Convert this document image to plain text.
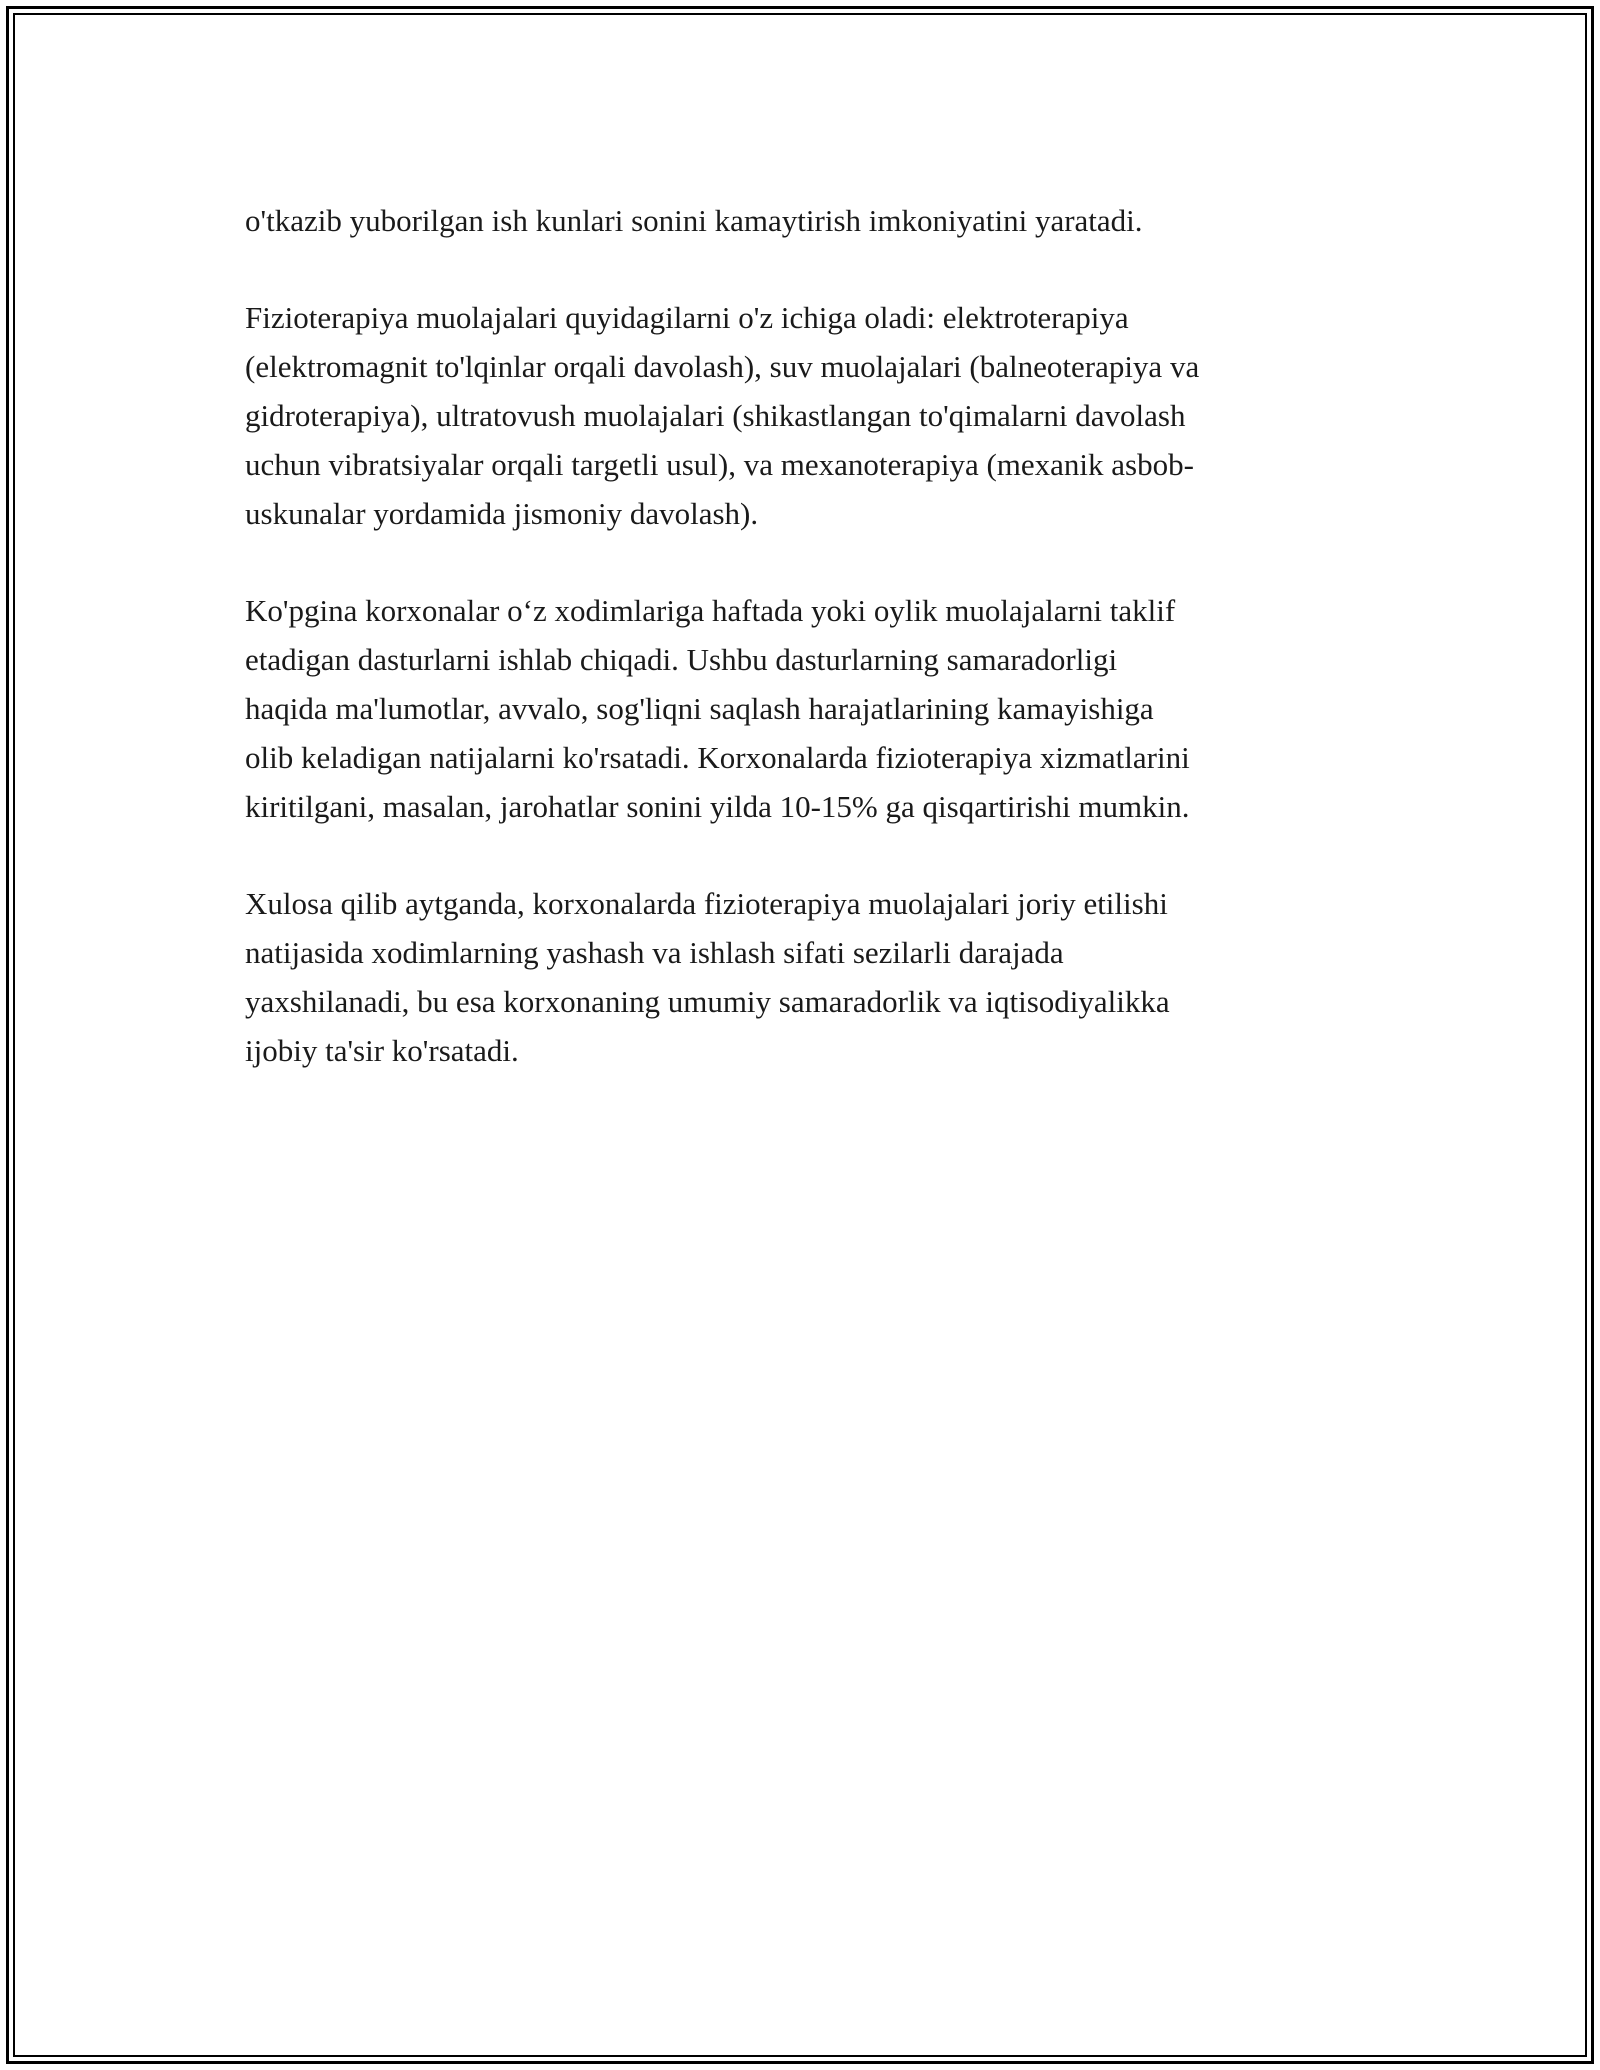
o'tkazib yuborilgan ish kunlari sonini kamaytirish imkoniyatini yaratadi.

Fizioterapiya muolajalari quyidagilarni o'z ichiga oladi: elektroterapiya
(elektromagnit to'lqinlar orqali davolash), suv muolajalari (balneoterapiya va
gidroterapiya), ultratovush muolajalari (shikastlangan to'qimalarni davolash
uchun vibratsiyalar orqali targetli usul), va mexanoterapiya (mexanik asbob-
uskunalar yordamida jismoniy davolash).

Ko'pgina korxonalar o‘z xodimlariga haftada yoki oylik muolajalarni taklif
etadigan dasturlarni ishlab chiqadi. Ushbu dasturlarning samaradorligi
haqida ma'lumotlar, avvalo, sog'liqni saqlash harajatlarining kamayishiga
olib keladigan natijalarni ko'rsatadi. Korxonalarda fizioterapiya xizmatlarini
kiritilgani, masalan, jarohatlar sonini yilda 10-15% ga qisqartirishi mumkin.

Xulosa qilib aytganda, korxonalarda fizioterapiya muolajalari joriy etilishi
natijasida xodimlarning yashash va ishlash sifati sezilarli darajada
yaxshilanadi, bu esa korxonaning umumiy samaradorlik va iqtisodiyalikka
ijobiy ta'sir ko'rsatadi.
